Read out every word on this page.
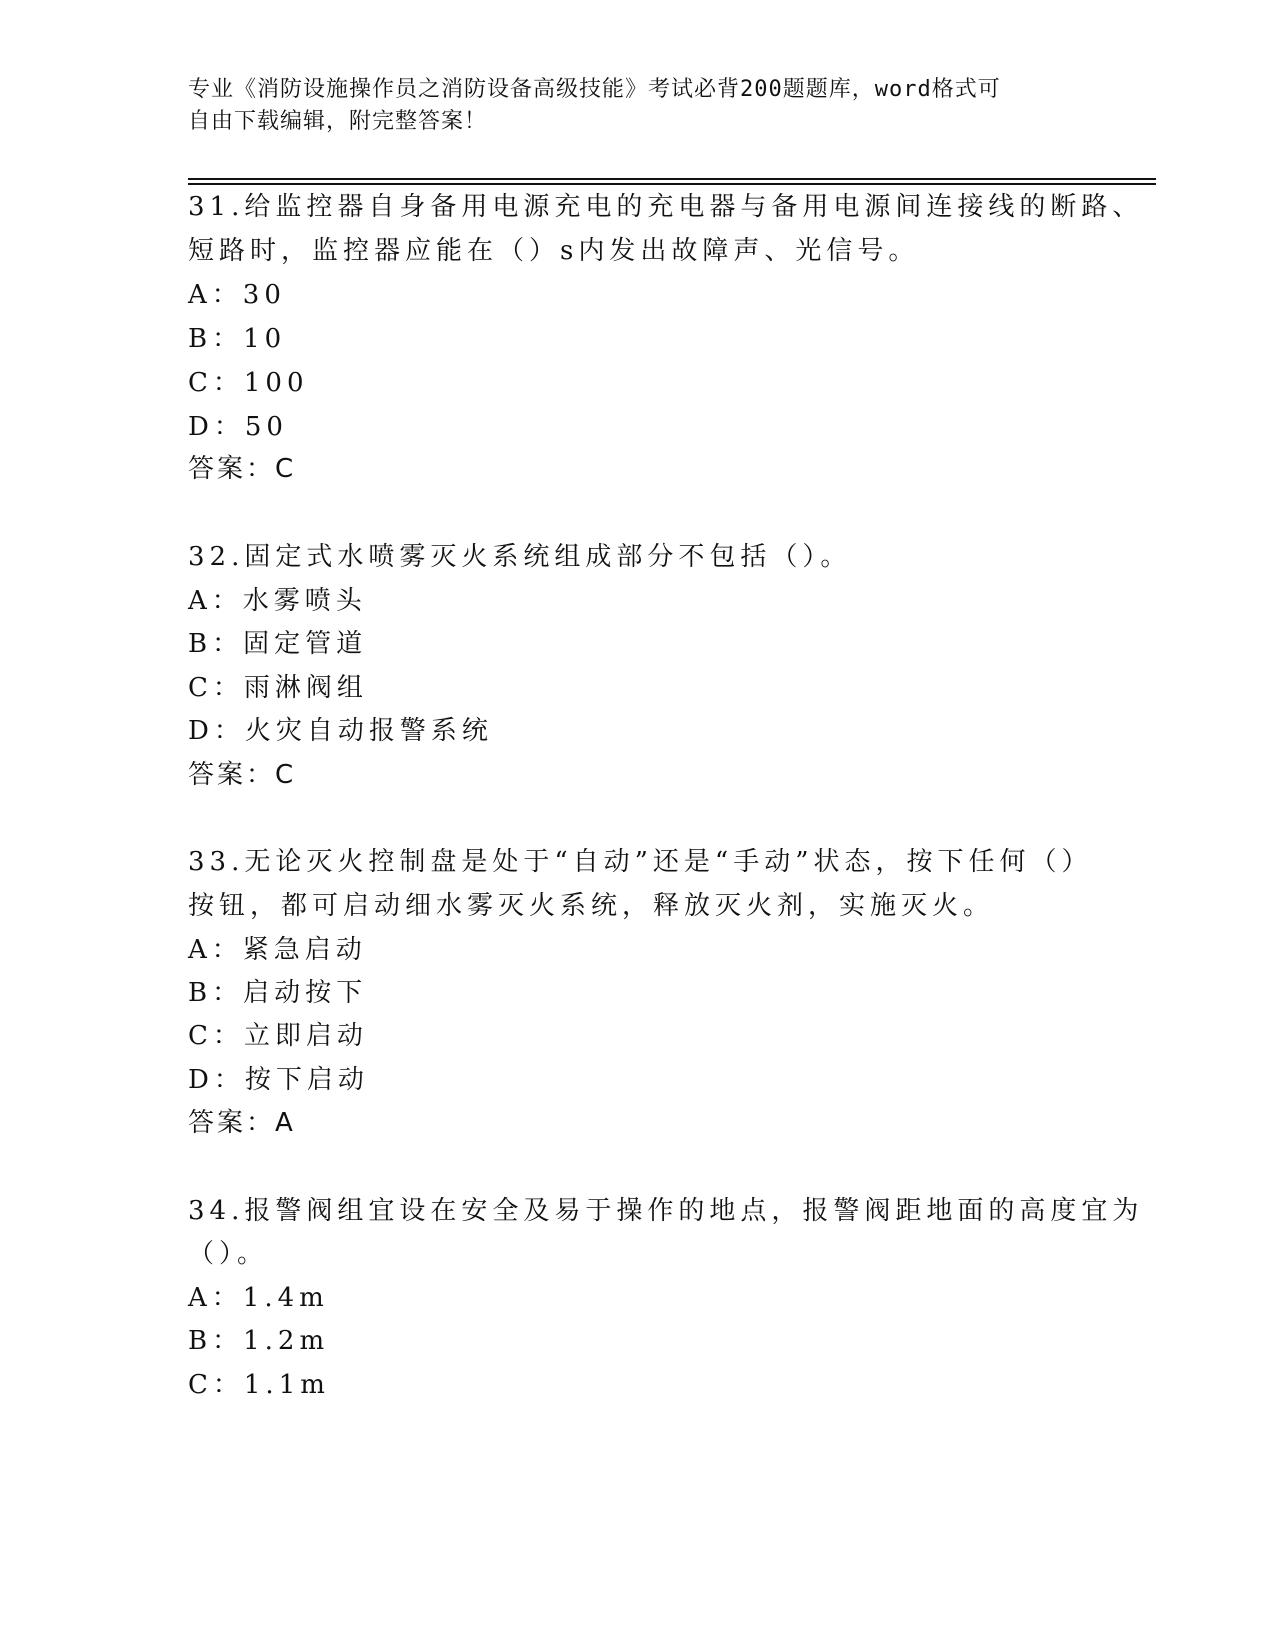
专业《消防设施操作员之消防设备高级技能》考试必背200题题库，word格式可
自由下载编辑，附完整答案！
31.给监控器自身备用电源充电的充电器与备用电源间连接线的断路、
短路时，监控器应能在（）s内发出故障声、光信号。
A：30
B：10
C：100
D：50
答案：C
32.固定式水喷雾灭火系统组成部分不包括（）。
A：水雾喷头
B：固定管道
C：雨淋阀组
D：火灾自动报警系统
答案：C
33.无论灭火控制盘是处于“自动”还是“手动”状态，按下任何（）
按钮，都可启动细水雾灭火系统，释放灭火剂，实施灭火。
A：紧急启动
B：启动按下
C：立即启动
D：按下启动
答案：A
34.报警阀组宜设在安全及易于操作的地点，报警阀距地面的高度宜为
（）。
A：1.4m
B：1.2m
C：1.1m
